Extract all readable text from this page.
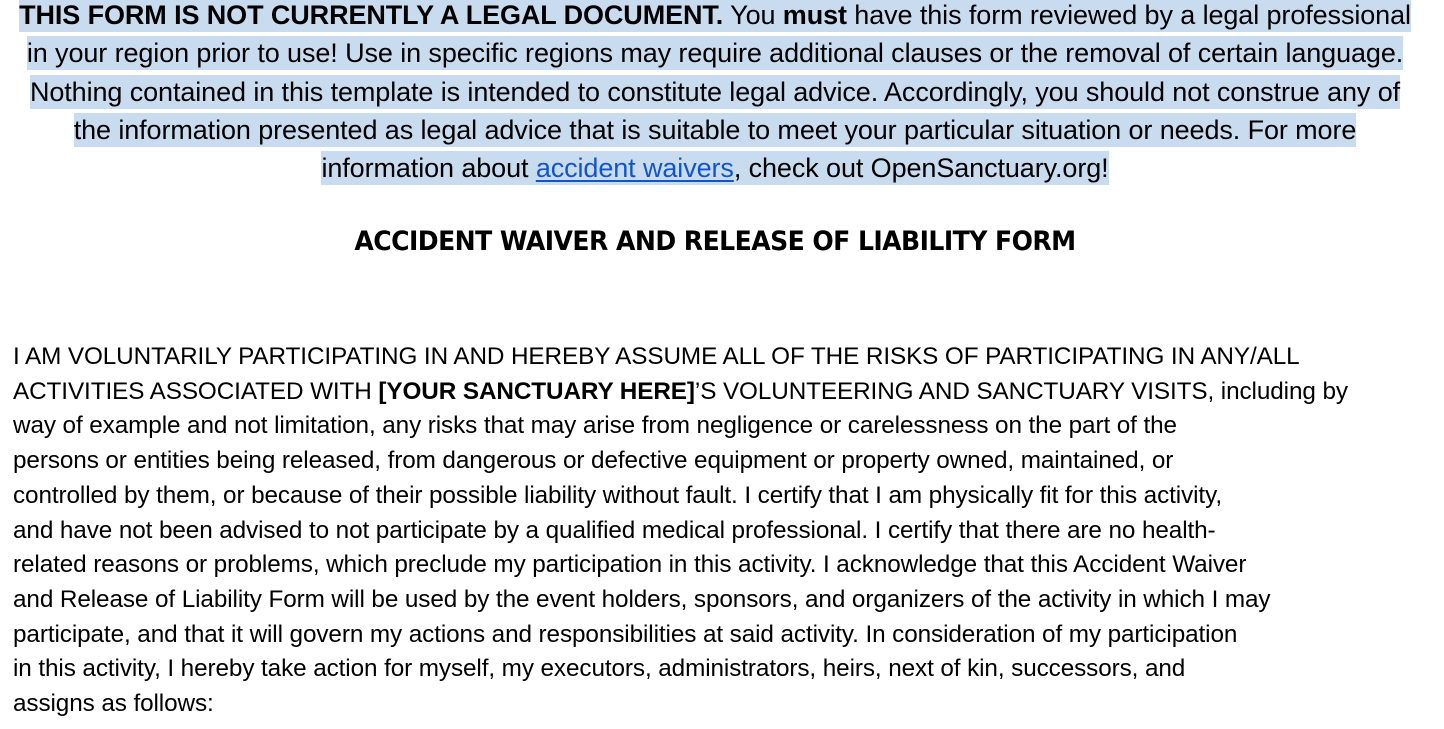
THIS FORM IS NOT CURRENTLY A LEGAL DOCUMENT. You must have this form reviewed by a legal professional in your region prior to use! Use in specific regions may require additional clauses or the removal of certain language. Nothing contained in this template is intended to constitute legal advice. Accordingly, you should not construe any of the information presented as legal advice that is suitable to meet your particular situation or needs. For more information about accident waivers, check out OpenSanctuary.org!
ACCIDENT WAIVER AND RELEASE OF LIABILITY FORM
I AM VOLUNTARILY PARTICIPATING IN AND HEREBY ASSUME ALL OF THE RISKS OF PARTICIPATING IN ANY/ALL
ACTIVITIES ASSOCIATED WITH [YOUR SANCTUARY HERE]’S VOLUNTEERING AND SANCTUARY VISITS, including by
way of example and not limitation, any risks that may arise from negligence or carelessness on the part of the
persons or entities being released, from dangerous or defective equipment or property owned, maintained, or
controlled by them, or because of their possible liability without fault. I certify that I am physically fit for this activity,
and have not been advised to not participate by a qualified medical professional. I certify that there are no health-
related reasons or problems, which preclude my participation in this activity. I acknowledge that this Accident Waiver
and Release of Liability Form will be used by the event holders, sponsors, and organizers of the activity in which I may
participate, and that it will govern my actions and responsibilities at said activity. In consideration of my participation
in this activity, I hereby take action for myself, my executors, administrators, heirs, next of kin, successors, and
assigns as follows:
